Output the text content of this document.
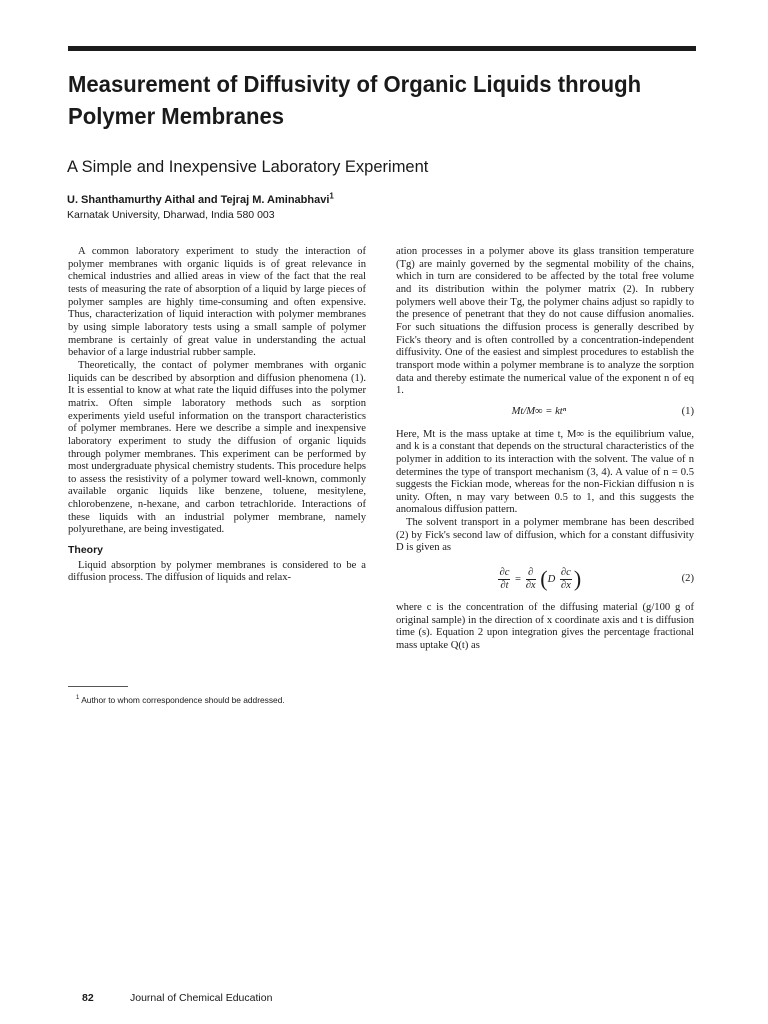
Measurement of Diffusivity of Organic Liquids through Polymer Membranes
A Simple and Inexpensive Laboratory Experiment
U. Shanthamurthy Aithal and Tejraj M. Aminabhavi$^1$
Karnatak University, Dharwad, India 580 003

A common laboratory experiment to study the interaction of polymer membranes with organic liquids is of great relevance in chemical industries and allied areas in view of the fact that the real tests of measuring the rate of absorption of a liquid by large pieces of polymer samples are highly time-consuming and often expensive. Thus, characterization of liquid interaction with polymer membranes by using simple laboratory tests using a small sample of polymer membrane is certainly of great value in understanding the actual behavior of a large industrial rubber sample.

Theoretically, the contact of polymer membranes with organic liquids can be described by absorption and diffusion phenomena (1). It is essential to know at what rate the liquid diffuses into the polymer matrix. Often simple laboratory methods such as sorption experiments yield useful information on the transport characteristics of polymer membranes. Here we describe a simple and inexpensive laboratory experiment to study the diffusion of organic liquids through polymer membranes. This experiment can be performed by most undergraduate physical chemistry students. This procedure helps to assess the resistivity of a polymer toward well-known, commonly available organic liquids like benzene, toluene, mesitylene, chlorobenzene, n-hexane, and carbon tetrachloride. Interactions of these liquids with an industrial polymer membrane, namely polyurethane, are being investigated.

Theory

Liquid absorption by polymer membranes is considered to be a diffusion process. The diffusion of liquids and relax-

ation processes in a polymer above its glass transition temperature (Tg) are mainly governed by the segmental mobility of the chains, which in turn are considered to be affected by the total free volume and its distribution within the polymer matrix (2). In rubbery polymers well above their Tg, the polymer chains adjust so rapidly to the presence of penetrant that they do not cause diffusion anomalies. For such situations the diffusion process is generally described by Fick's theory and is often controlled by a concentration-independent diffusivity. One of the easiest and simplest procedures to establish the transport mode within a polymer membrane is to analyze the sorption data and thereby estimate the numerical value of the exponent n of eq 1.

Mt/M∞ = ktⁿ	(1)

Here, Mt is the mass uptake at time t, M∞ is the equilibrium value, and k is a constant that depends on the structural characteristics of the polymer in addition to its interaction with the solvent. The value of n determines the type of transport mechanism (3, 4). A value of n = 0.5 suggests the Fickian mode, whereas for the non-Fickian diffusion n is unity. Often, n may vary between 0.5 to 1, and this suggests the anomalous diffusion pattern.

The solvent transport in a polymer membrane has been described (2) by Fick's second law of diffusion, which for a constant diffusivity D is given as

$\frac{\partial c}{\partial t} = \frac{\partial}{\partial x} (D \frac{\partial c}{\partial x}$ )	(2)

where c is the concentration of the diffusing material (g/100 g of original sample) in the direction of x coordinate axis and t is diffusion time (s). Equation 2 upon integration gives the percentage fractional mass uptake Q(t) as

$^1$ Author to whom correspondence should be addressed.
82	Journal of Chemical Education
